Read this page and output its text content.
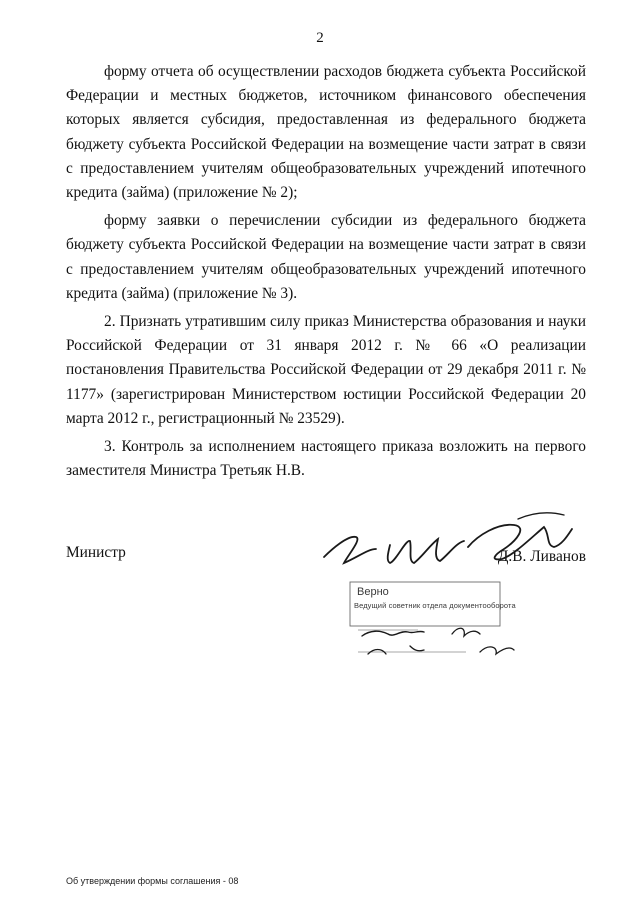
2

форму отчета об осуществлении расходов бюджета субъекта Российской Федерации и местных бюджетов, источником финансового обеспечения которых является субсидия, предоставленная из федерального бюджета бюджету субъекта Российской Федерации на возмещение части затрат в связи с предоставлением учителям общеобразовательных учреждений ипотечного кредита (займа) (приложение № 2);

форму заявки о перечислении субсидии из федерального бюджета бюджету субъекта Российской Федерации на возмещение части затрат в связи с предоставлением учителям общеобразовательных учреждений ипотечного кредита (займа) (приложение № 3).

2. Признать утратившим силу приказ Министерства образования и науки Российской Федерации от 31 января 2012 г. № 66 «О реализации постановления Правительства Российской Федерации от 29 декабря 2011 г. № 1177» (зарегистрирован Министерством юстиции Российской Федерации 20 марта 2012 г., регистрационный № 23529).

3. Контроль за исполнением настоящего приказа возложить на первого заместителя Министра Третьяк Н.В.

Министр	Д.В. Ливанов
Верно
Ведущий советник отдела документооборота
Об утверждении формы соглашения - 08
